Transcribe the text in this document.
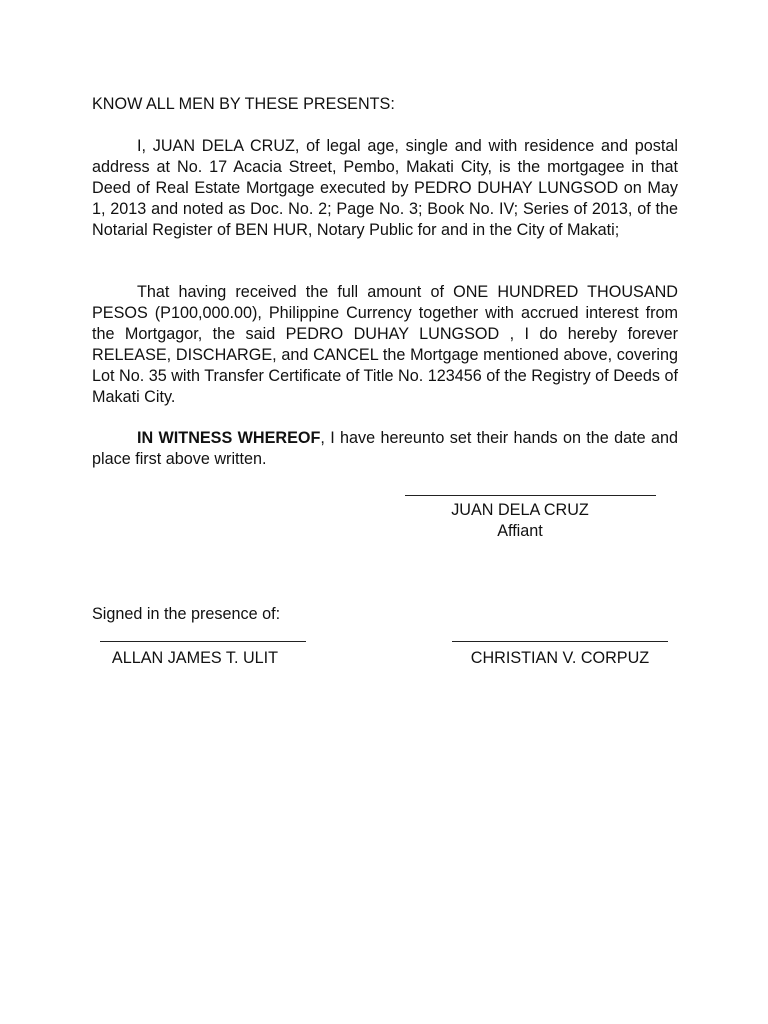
KNOW ALL MEN BY THESE PRESENTS:

I, JUAN DELA CRUZ, of legal age, single and with residence and postal address at No. 17 Acacia Street, Pembo, Makati City, is the mortgagee in that Deed of Real Estate Mortgage executed by PEDRO DUHAY LUNGSOD on May 1, 2013 and noted as Doc. No. 2; Page No. 3; Book No. IV; Series of 2013, of the Notarial Register of BEN HUR, Notary Public for and in the City of Makati;

That having received the full amount of ONE HUNDRED THOUSAND PESOS (P100,000.00), Philippine Currency together with accrued interest from the Mortgagor, the said PEDRO DUHAY LUNGSOD , I do hereby forever RELEASE, DISCHARGE, and CANCEL the Mortgage mentioned above, covering Lot No. 35 with Transfer Certificate of Title No. 123456 of the Registry of Deeds of Makati City.

IN WITNESS WHEREOF, I have hereunto set their hands on the date and place first above written.

JUAN DELA CRUZ
Affiant
Signed in the presence of:
ALLAN JAMES T. ULIT	CHRISTIAN V. CORPUZ
